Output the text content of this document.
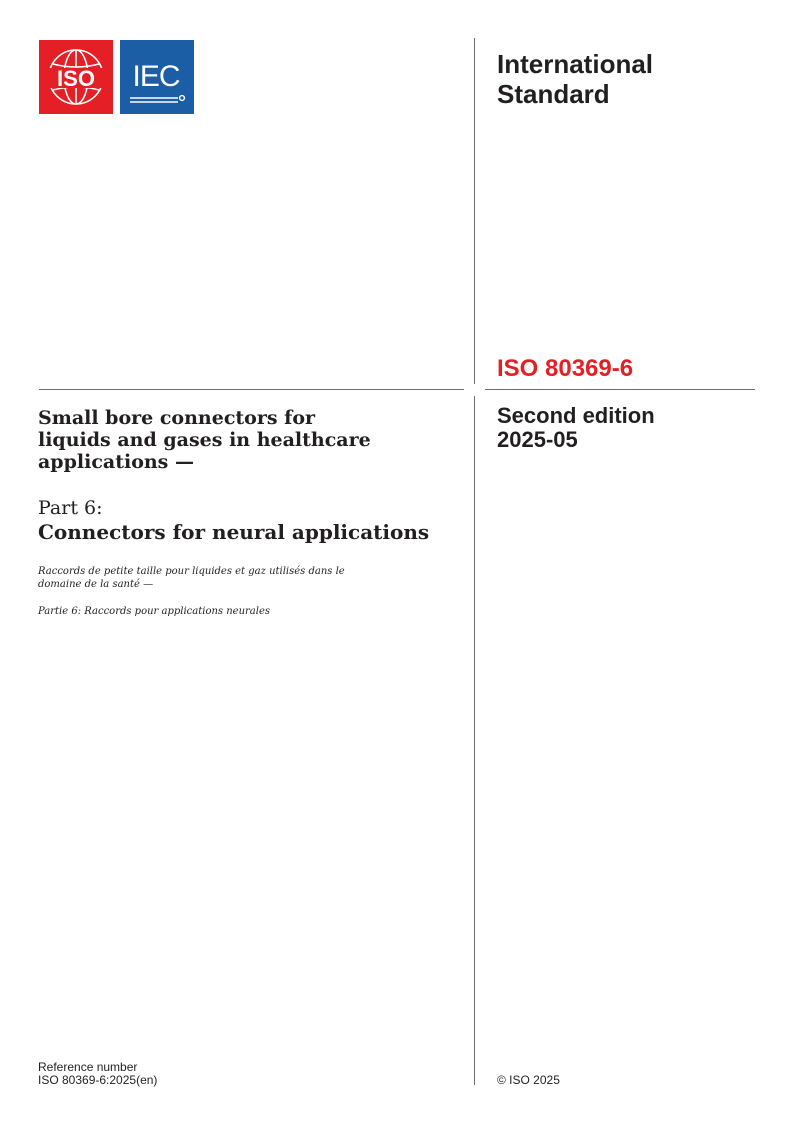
ISO IEC	International
Standard
ISO 80369-6
Second edition
2025-05
© ISO 2025
Small bore connectors for
liquids and gases in healthcare
applications —
Part 6:
Connectors for neural applications

Raccords de petite taille pour liquides et gaz utilisés dans le
domaine de la santé —

Partie 6: Raccords pour applications neurales

Reference number
ISO 80369-6:2025(en)
